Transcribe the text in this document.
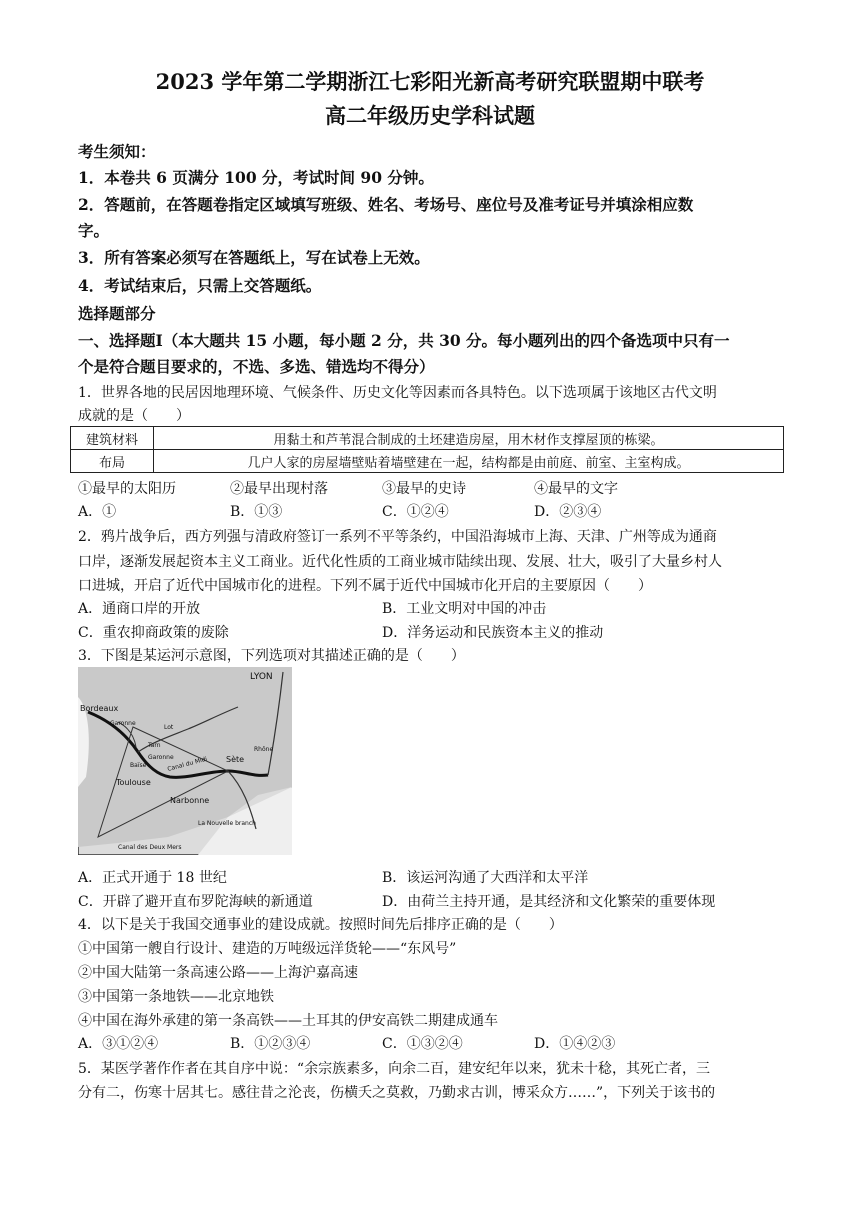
2023 学年第二学期浙江七彩阳光新高考研究联盟期中联考
高二年级历史学科试题
考生须知：
1．本卷共 6 页满分 100 分，考试时间 90 分钟。
2．答题前，在答题卷指定区域填写班级、姓名、考场号、座位号及准考证号并填涂相应数
字。
3．所有答案必须写在答题纸上，写在试卷上无效。
4．考试结束后，只需上交答题纸。
选择题部分
一、选择题Ⅰ（本大题共 15 小题，每小题 2 分，共 30 分。每小题列出的四个备选项中只有一
个是符合题目要求的，不选、多选、错选均不得分）
1．世界各地的民居因地理环境、气候条件、历史文化等因素而各具特色。以下选项属于该地区古代文明
成就的是（　　）
建筑材料	用黏土和芦苇混合制成的土坯建造房屋，用木材作支撑屋顶的栋梁。
布局	几户人家的房屋墙壁贴着墙壁建在一起，结构都是由前庭、前室、主室构成。
①最早的太阳历	②最早出现村落	③最早的史诗	④最早的文字
A．①	B．①③	C．①②④	D．②③④
2．鸦片战争后，西方列强与清政府签订一系列不平等条约，中国沿海城市上海、天津、广州等成为通商
口岸，逐渐发展起资本主义工商业。近代化性质的工商业城市陆续出现、发展、壮大，吸引了大量乡村人
口进城，开启了近代中国城市化的进程。下列不属于近代中国城市化开启的主要原因（　　）
A．通商口岸的开放	B．工业文明对中国的冲击
C．重农抑商政策的废除	D．洋务运动和民族资本主义的推动
3．下图是某运河示意图，下列选项对其描述正确的是（　　）
LYON
Bordeaux
Garonne
Lot
Tarn
Baïse
Garonne
Toulouse
Canal du Midi Sète
Rhône
Narbonne
La Nouvelle branch
Canal des Deux Mers
A．正式开通于 18 世纪	B．该运河沟通了大西洋和太平洋
C．开辟了避开直布罗陀海峡的新通道	D．由荷兰主持开通，是其经济和文化繁荣的重要体现
4．以下是关于我国交通事业的建设成就。按照时间先后排序正确的是（　　）
①中国第一艘自行设计、建造的万吨级远洋货轮——“东风号”
②中国大陆第一条高速公路——上海沪嘉高速
③中国第一条地铁——北京地铁
④中国在海外承建的第一条高铁——土耳其的伊安高铁二期建成通车
A．③①②④	B．①②③④	C．①③②④	D．①④②③
5．某医学著作作者在其自序中说：“余宗族素多，向余二百，建安纪年以来，犹未十稔，其死亡者，三
分有二，伤寒十居其七。感往昔之沦丧，伤横夭之莫救，乃勤求古训，博采众方……”，下列关于该书的
